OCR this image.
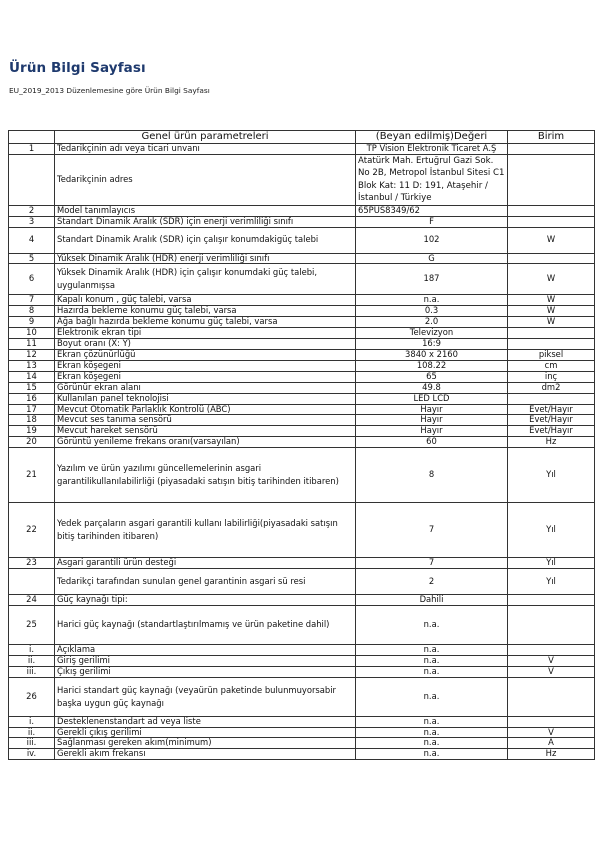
Ürün Bilgi Sayfası
EU_2019_2013 Düzenlemesine göre Ürün Bilgi Sayfası
	Genel ürün parametreleri	(Beyan edilmiş)Değeri	Birim
1	Tedarikçinin adı veya ticari unvanı	TP Vision Elektronik Ticaret A.Ş	
	Tedarikçinin adres	Atatürk Mah. Ertuğrul Gazi Sok. No 2B, Metropol İstanbul Sitesi C1 Blok Kat: 11 D: 191, Ataşehir / İstanbul / Türkiye	
2	Model tanımlayıcıs	65PUS8349/62	
3	Standart Dinamik Aralık (SDR) için enerji verimliliği sınıfı	F	
4	Standart Dinamik Aralık (SDR) için çalışır konumdakigüç talebi	102	W
5	Yüksek Dinamik Aralık (HDR) enerji verimliliği sınıfı	G	
6	Yüksek Dinamik Aralık (HDR) için çalışır konumdaki güç talebi, uygulanmışsa	187	W
7	Kapalı konum , güç talebi, varsa	n.a.	W
8	Hazırda bekleme konumu güç talebi, varsa	0.3	W
9	Ağa bağlı hazırda bekleme konumu güç talebi, varsa	2.0	W
10	Elektronik ekran tipi	Televizyon	
11	Boyut oranı (X: Y)	16:9	
12	Ekran çözünürlüğü	3840 x 2160	piksel
13	Ekran köşegeni	108.22	cm
14	Ekran köşegeni	65	inç
15	Görünür ekran alanı	49.8	dm2
16	Kullanılan panel teknolojisi	LED LCD	
17	Mevcut Otomatik Parlaklık Kontrolü (ABC)	Hayır	Evet/Hayır
18	Mevcut ses tanıma sensörü	Hayır	Evet/Hayır
19	Mevcut hareket sensörü	Hayır	Evet/Hayır
20	Görüntü yenileme frekans oranı(varsayılan)	60	Hz
21	Yazılım ve ürün yazılımı güncellemelerinin asgari garantilikullanılabilirliği (piyasadaki satışın bitiş tarihinden itibaren)	8	Yıl
22	Yedek parçaların asgari garantili kullanı labilirliği(piyasadaki satışın bitiş tarihinden itibaren)	7	Yıl
23	Asgari garantili ürün desteği	7	Yıl
	Tedarikçi tarafından sunulan genel garantinin asgari sü resi	2	Yıl
24	Güç kaynağı tipi:	Dahili	
25	Harici güç kaynağı (standartlaştırılmamış ve ürün paketine dahil)	n.a.	
i.	Açıklama	n.a.	
ii.	Giriş gerilimi	n.a.	V
iii.	Çıkış gerilimi	n.a.	V
26	Harici standart güç kaynağı (veyaürün paketinde bulunmuyorsabir başka uygun güç kaynağı	n.a.	
i.	Desteklenenstandart ad veya liste	n.a.	
ii.	Gerekli çıkış gerilimi	n.a.	V
iii.	Sağlanması gereken akım(minimum)	n.a.	A
iv.	Gerekli akım frekansı	n.a.	Hz
